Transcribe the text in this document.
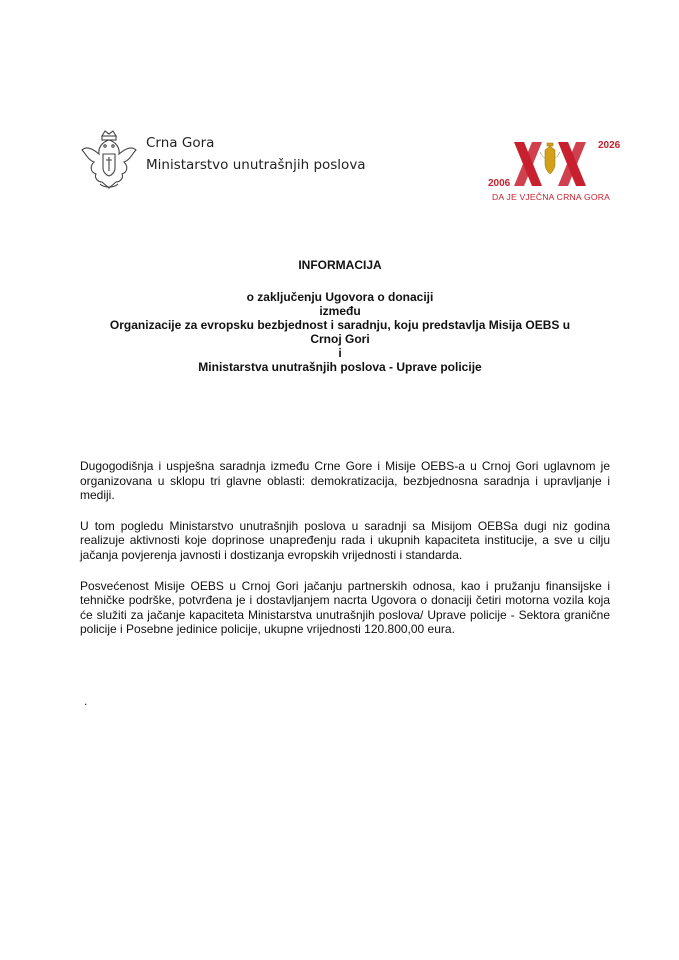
Crna Gora
Ministarstvo unutrašnjih poslova
2006
2026
DA JE VJEČNA CRNA GORA
INFORMACIJA
o zaključenju Ugovora o donaciji
između
Organizacije za evropsku bezbjednost i saradnju, koju predstavlja Misija OEBS u
Crnoj Gori
i
Ministarstva unutrašnjih poslova - Uprave policije

Dugogodišnja i uspješna saradnja između Crne Gore i Misije OEBS-a u Crnoj Gori uglavnom je organizovana u sklopu tri glavne oblasti: demokratizacija, bezbjednosna saradnja i upravljanje i mediji.

U tom pogledu Ministarstvo unutrašnjih poslova u saradnji sa Misijom OEBSa dugi niz godina realizuje aktivnosti koje doprinose unapređenju rada i ukupnih kapaciteta institucije, a sve u cilju jačanja povjerenja javnosti i dostizanja evropskih vrijednosti i standarda.

Posvećenost Misije OEBS u Crnoj Gori jačanju partnerskih odnosa, kao i pružanju finansijske i tehničke podrške, potvrđena je i dostavljanjem nacrta Ugovora o donaciji četiri motorna vozila koja će služiti za jačanje kapaciteta Ministarstva unutrašnjih poslova/ Uprave policije - Sektora granične policije i Posebne jedinice policije, ukupne vrijednosti 120.800,00 eura.

.
